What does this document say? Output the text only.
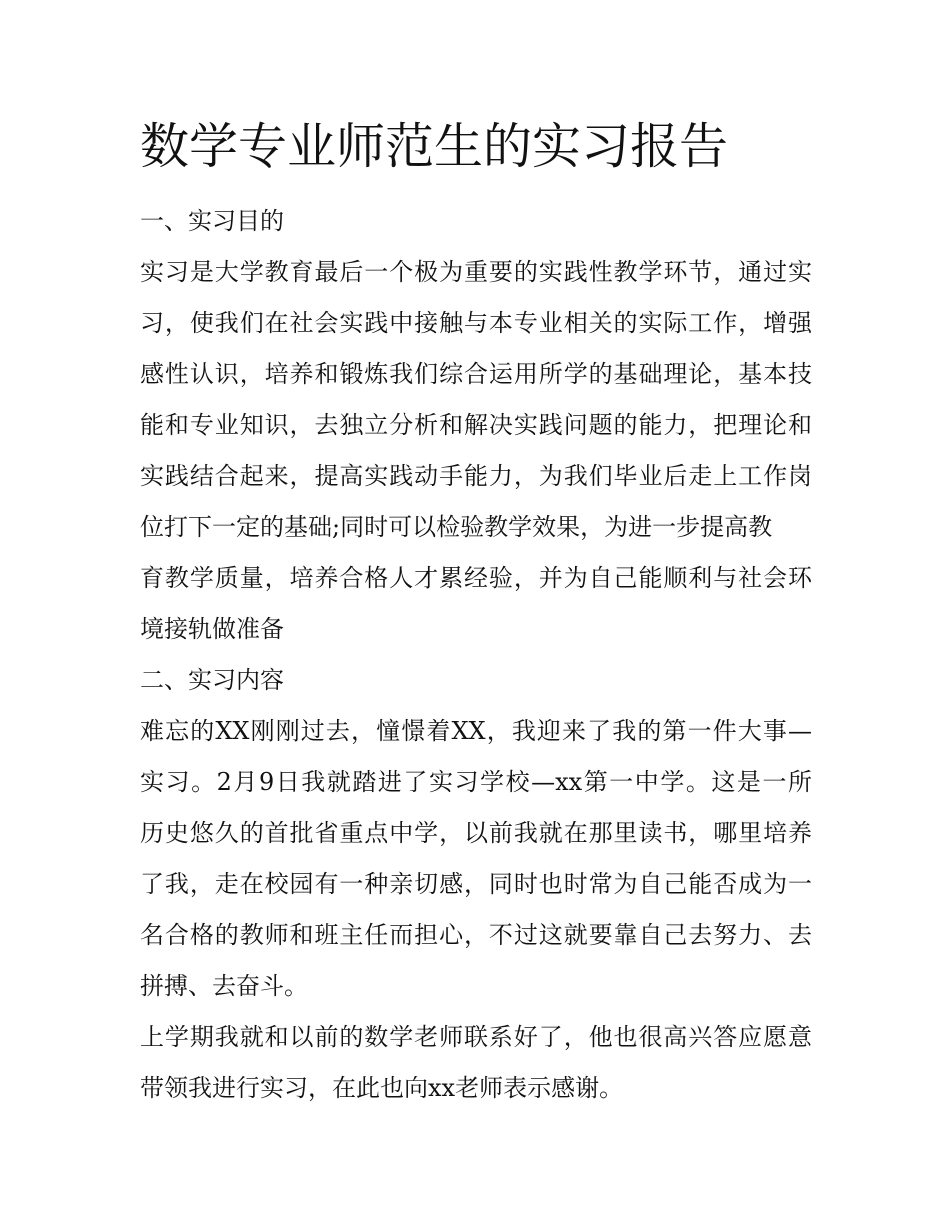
数学专业师范生的实习报告
一、实习目的

实习是大学教育最后一个极为重要的实践性教学环节，通过实
习，使我们在社会实践中接触与本专业相关的实际工作，增强
感性认识，培养和锻炼我们综合运用所学的基础理论，基本技
能和专业知识，去独立分析和解决实践问题的能力，把理论和
实践结合起来，提高实践动手能力，为我们毕业后走上工作岗
位打下一定的基础;同时可以检验教学效果，为进一步提高教
育教学质量，培养合格人才累经验，并为自己能顺利与社会环
境接轨做准备

二、实习内容

难忘的XX刚刚过去，憧憬着XX，我迎来了我的第一件大事—
实习。2月9日我就踏进了实习学校—xx第一中学。这是一所
历史悠久的首批省重点中学，以前我就在那里读书，哪里培养
了我，走在校园有一种亲切感，同时也时常为自己能否成为一
名合格的教师和班主任而担心，不过这就要靠自己去努力、去
拼搏、去奋斗。

上学期我就和以前的数学老师联系好了，他也很高兴答应愿意
带领我进行实习，在此也向xx老师表示感谢。
